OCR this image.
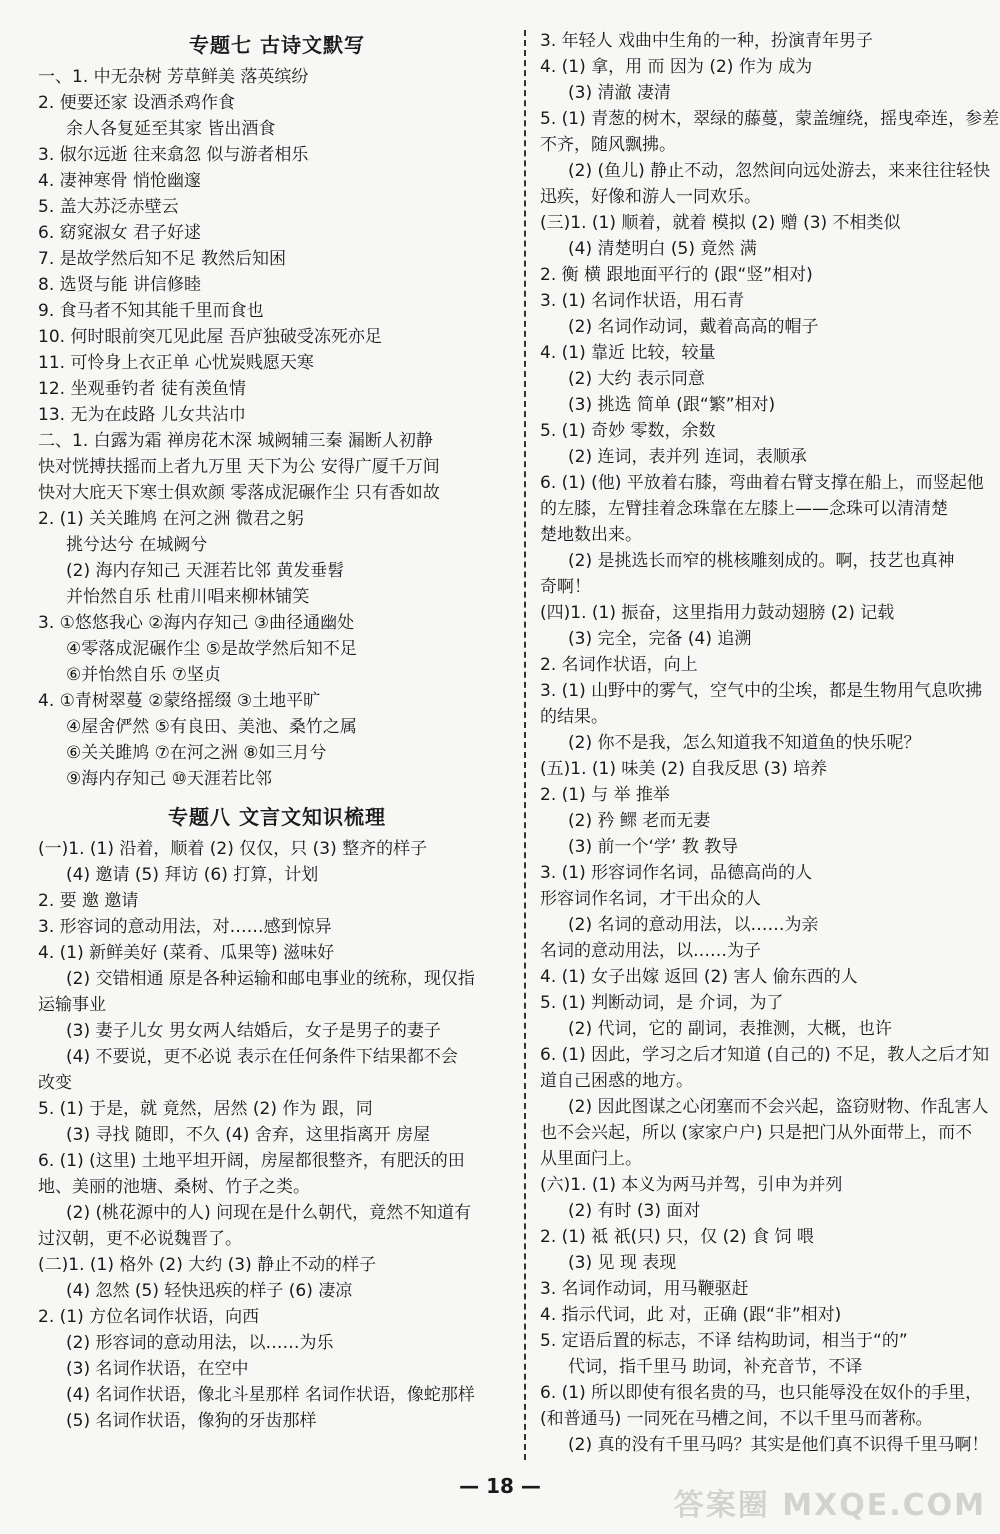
专题七 古诗文默写
一、1. 中无杂树 芳草鲜美 落英缤纷
2. 便要还家 设酒杀鸡作食
余人各复延至其家 皆出酒食
3. 俶尔远逝 往来翕忽 似与游者相乐
4. 凄神寒骨 悄怆幽邃
5. 盖大苏泛赤壁云
6. 窈窕淑女 君子好逑
7. 是故学然后知不足 教然后知困
8. 选贤与能 讲信修睦
9. 食马者不知其能千里而食也
10. 何时眼前突兀见此屋 吾庐独破受冻死亦足
11. 可怜身上衣正单 心忧炭贱愿天寒
12. 坐观垂钓者 徒有羡鱼情
13. 无为在歧路 儿女共沾巾
二、1. 白露为霜 禅房花木深 城阙辅三秦 漏断人初静
快对恍搏扶摇而上者九万里 天下为公 安得广厦千万间
快对大庇天下寒士俱欢颜 零落成泥碾作尘 只有香如故
2. (1) 关关雎鸠 在河之洲 微君之躬
挑兮达兮 在城阙兮
(2) 海内存知己 天涯若比邻 黄发垂髫
并怡然自乐 杜甫川唱来柳林铺笑
3. ①悠悠我心 ②海内存知己 ③曲径通幽处
④零落成泥碾作尘 ⑤是故学然后知不足
⑥并怡然自乐 ⑦坚贞
4. ①青树翠蔓 ②蒙络摇缀 ③土地平旷
④屋舍俨然 ⑤有良田、美池、桑竹之属
⑥关关雎鸠 ⑦在河之洲 ⑧如三月兮
⑨海内存知己 ⑩天涯若比邻
专题八 文言文知识梳理
(一)1. (1) 沿着，顺着 (2) 仅仅，只 (3) 整齐的样子
(4) 邀请 (5) 拜访 (6) 打算，计划
2. 要 邀 邀请
3. 形容词的意动用法，对……感到惊异
4. (1) 新鲜美好 (菜肴、瓜果等) 滋味好
(2) 交错相通 原是各种运输和邮电事业的统称，现仅指
运输事业
(3) 妻子儿女 男女两人结婚后，女子是男子的妻子
(4) 不要说，更不必说 表示在任何条件下结果都不会
改变
5. (1) 于是，就 竟然，居然 (2) 作为 跟，同
(3) 寻找 随即，不久 (4) 舍弃，这里指离开 房屋
6. (1) (这里) 土地平坦开阔，房屋都很整齐，有肥沃的田
地、美丽的池塘、桑树、竹子之类。
(2) (桃花源中的人) 问现在是什么朝代，竟然不知道有
过汉朝，更不必说魏晋了。
(二)1. (1) 格外 (2) 大约 (3) 静止不动的样子
(4) 忽然 (5) 轻快迅疾的样子 (6) 凄凉
2. (1) 方位名词作状语，向西
(2) 形容词的意动用法，以……为乐
(3) 名词作状语，在空中
(4) 名词作状语，像北斗星那样 名词作状语，像蛇那样
(5) 名词作状语，像狗的牙齿那样
3. 年轻人 戏曲中生角的一种，扮演青年男子
4. (1) 拿，用 而 因为 (2) 作为 成为
(3) 清澈 凄清
5. (1) 青葱的树木，翠绿的藤蔓，蒙盖缠绕，摇曳牵连，参差
不齐，随风飘拂。
(2) (鱼儿) 静止不动，忽然间向远处游去，来来往往轻快
迅疾，好像和游人一同欢乐。
(三)1. (1) 顺着，就着 模拟 (2) 赠 (3) 不相类似
(4) 清楚明白 (5) 竟然 满
2. 衡 横 跟地面平行的 (跟“竖”相对)
3. (1) 名词作状语，用石青
(2) 名词作动词，戴着高高的帽子
4. (1) 靠近 比较，较量
(2) 大约 表示同意
(3) 挑选 简单 (跟“繁”相对)
5. (1) 奇妙 零数，余数
(2) 连词，表并列 连词，表顺承
6. (1) (他) 平放着右膝，弯曲着右臂支撑在船上，而竖起他
的左膝，左臂挂着念珠靠在左膝上——念珠可以清清楚
楚地数出来。
(2) 是挑选长而窄的桃核雕刻成的。啊，技艺也真神
奇啊！
(四)1. (1) 振奋，这里指用力鼓动翅膀 (2) 记载
(3) 完全，完备 (4) 追溯
2. 名词作状语，向上
3. (1) 山野中的雾气，空气中的尘埃，都是生物用气息吹拂
的结果。
(2) 你不是我，怎么知道我不知道鱼的快乐呢？
(五)1. (1) 味美 (2) 自我反思 (3) 培养
2. (1) 与 举 推举
(2) 矜 鳏 老而无妻
(3) 前一个‘学’ 教 教导
3. (1) 形容词作名词，品德高尚的人
形容词作名词，才干出众的人
(2) 名词的意动用法，以……为亲
名词的意动用法，以……为子
4. (1) 女子出嫁 返回 (2) 害人 偷东西的人
5. (1) 判断动词，是 介词，为了
(2) 代词，它的 副词，表推测，大概，也许
6. (1) 因此，学习之后才知道 (自己的) 不足，教人之后才知
道自己困惑的地方。
(2) 因此图谋之心闭塞而不会兴起，盗窃财物、作乱害人
也不会兴起，所以 (家家户户) 只是把门从外面带上，而不
从里面闩上。
(六)1. (1) 本义为两马并驾，引申为并列
(2) 有时 (3) 面对
2. (1) 祗 祇(只) 只，仅 (2) 食 饲 喂
(3) 见 现 表现
3. 名词作动词，用马鞭驱赶
4. 指示代词，此 对，正确 (跟“非”相对)
5. 定语后置的标志，不译 结构助词，相当于“的”
代词，指千里马 助词，补充音节，不译
6. (1) 所以即使有很名贵的马，也只能辱没在奴仆的手里，
(和普通马) 一同死在马槽之间，不以千里马而著称。
(2) 真的没有千里马吗？其实是他们真不识得千里马啊！
— 18 —
答案圈 MXQE.COM
